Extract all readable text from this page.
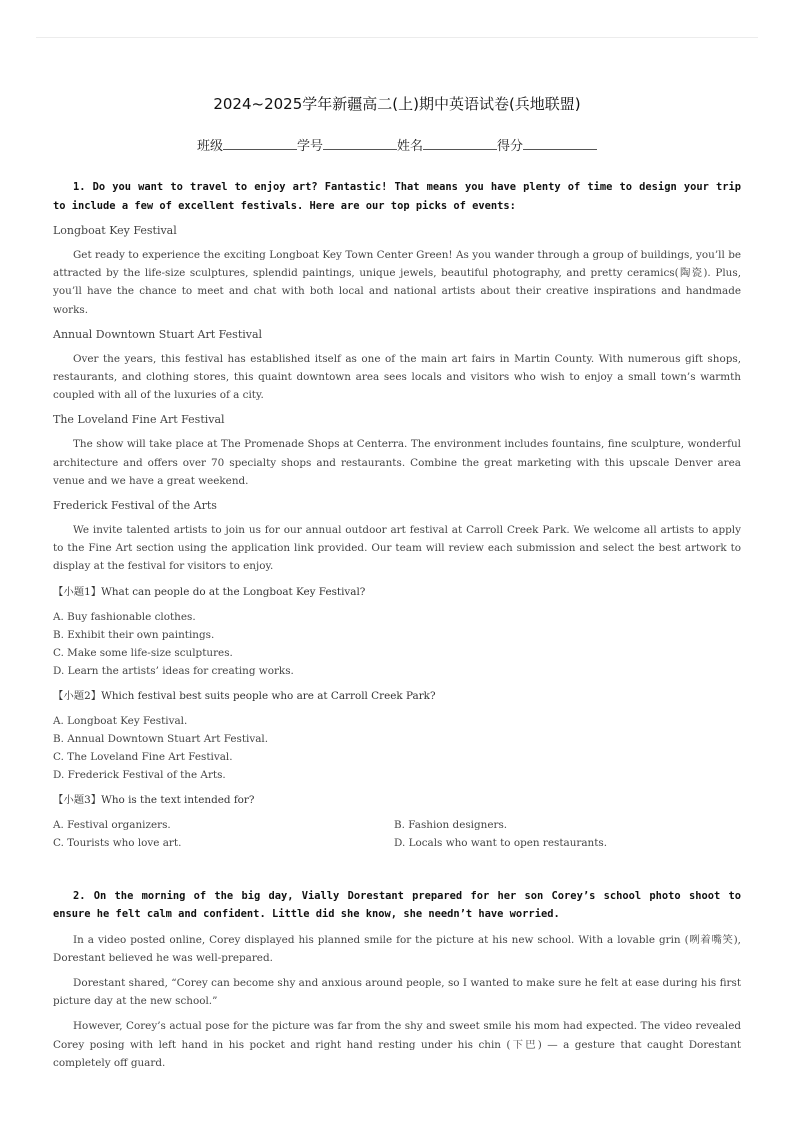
2024~2025学年新疆高二(上)期中英语试卷(兵地联盟)
班级	学号	姓名	得分

1. Do you want to travel to enjoy art? Fantastic! That means you have plenty of time to design your trip to include a few of excellent festivals. Here are our top picks of events:

Longboat Key Festival

Get ready to experience the exciting Longboat Key Town Center Green! As you wander through a group of buildings, you’ll be attracted by the life-size sculptures, splendid paintings, unique jewels, beautiful photography, and pretty ceramics(陶瓷). Plus, you’ll have the chance to meet and chat with both local and national artists about their creative inspirations and handmade works.

Annual Downtown Stuart Art Festival

Over the years, this festival has established itself as one of the main art fairs in Martin County. With numerous gift shops, restaurants, and clothing stores, this quaint downtown area sees locals and visitors who wish to enjoy a small town’s warmth coupled with all of the luxuries of a city.

The Loveland Fine Art Festival

The show will take place at The Promenade Shops at Centerra. The environment includes fountains, fine sculpture, wonderful architecture and offers over 70 specialty shops and restaurants. Combine the great marketing with this upscale Denver area venue and we have a great weekend.

Frederick Festival of the Arts

We invite talented artists to join us for our annual outdoor art festival at Carroll Creek Park. We welcome all artists to apply to the Fine Art section using the application link provided. Our team will review each submission and select the best artwork to display at the festival for visitors to enjoy.

【小题1】What can people do at the Longboat Key Festival?

A. Buy fashionable clothes.
B. Exhibit their own paintings.
C. Make some life-size sculptures.
D. Learn the artists’ ideas for creating works.

【小题2】Which festival best suits people who are at Carroll Creek Park?

A. Longboat Key Festival.
B. Annual Downtown Stuart Art Festival.
C. The Loveland Fine Art Festival.
D. Frederick Festival of the Arts.

【小题3】Who is the text intended for?

A. Festival organizers.	B. Fashion designers.
C. Tourists who love art.	D. Locals who want to open restaurants.

2. On the morning of the big day, Vially Dorestant prepared for her son Corey’s school photo shoot to ensure he felt calm and confident. Little did she know, she needn’t have worried.

In a video posted online, Corey displayed his planned smile for the picture at his new school. With a lovable grin (咧着嘴笑), Dorestant believed he was well-prepared.

Dorestant shared, “Corey can become shy and anxious around people, so I wanted to make sure he felt at ease during his first picture day at the new school.”

However, Corey’s actual pose for the picture was far from the shy and sweet smile his mom had expected. The video revealed Corey posing with left hand in his pocket and right hand resting under his chin (下巴) — a gesture that caught Dorestant completely off guard.
